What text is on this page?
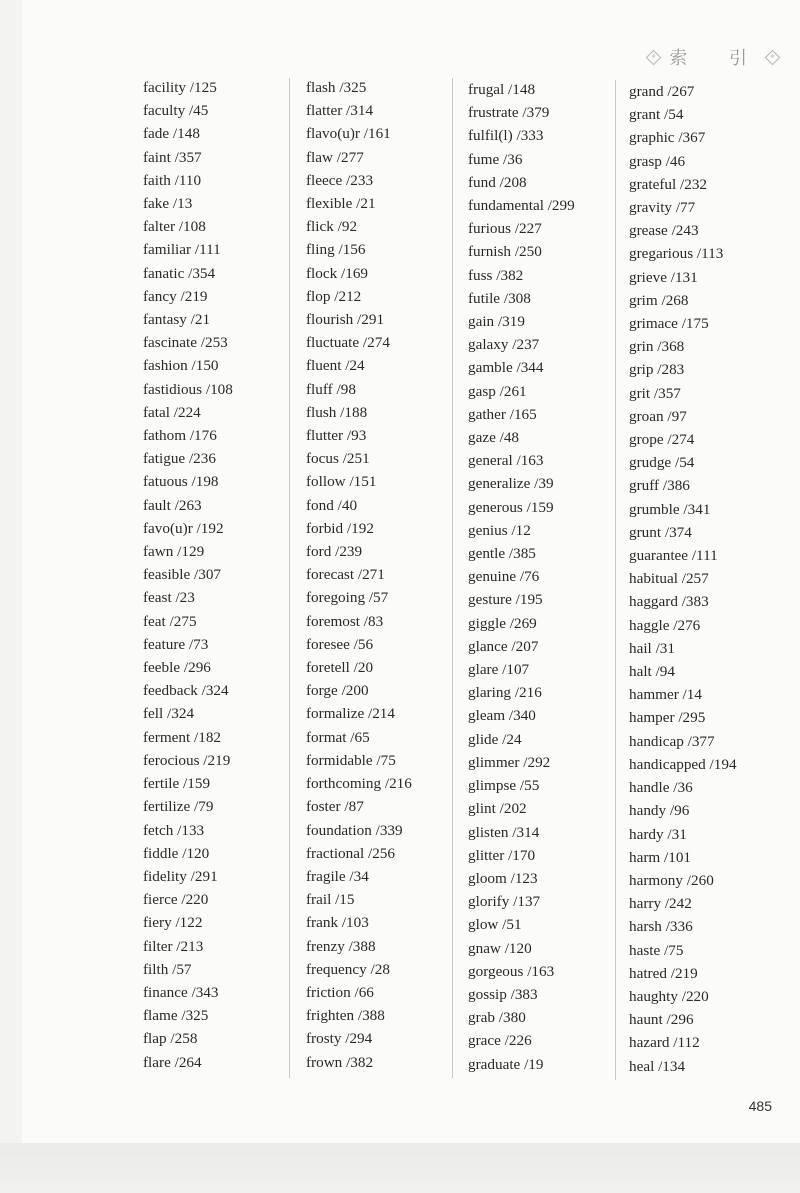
索 引
facility /125
faculty /45
fade /148
faint /357
faith /110
fake /13
falter /108
familiar /111
fanatic /354
fancy /219
fantasy /21
fascinate /253
fashion /150
fastidious /108
fatal /224
fathom /176
fatigue /236
fatuous /198
fault /263
favo(u)r /192
fawn /129
feasible /307
feast /23
feat /275
feature /73
feeble /296
feedback /324
fell /324
ferment /182
ferocious /219
fertile /159
fertilize /79
fetch /133
fiddle /120
fidelity /291
fierce /220
fiery /122
filter /213
filth /57
finance /343
flame /325
flap /258
flare /264
flash /325
flatter /314
flavo(u)r /161
flaw /277
fleece /233
flexible /21
flick /92
fling /156
flock /169
flop /212
flourish /291
fluctuate /274
fluent /24
fluff /98
flush /188
flutter /93
focus /251
follow /151
fond /40
forbid /192
ford /239
forecast /271
foregoing /57
foremost /83
foresee /56
foretell /20
forge /200
formalize /214
format /65
formidable /75
forthcoming /216
foster /87
foundation /339
fractional /256
fragile /34
frail /15
frank /103
frenzy /388
frequency /28
friction /66
frighten /388
frosty /294
frown /382
frugal /148
frustrate /379
fulfil(l) /333
fume /36
fund /208
fundamental /299
furious /227
furnish /250
fuss /382
futile /308
gain /319
galaxy /237
gamble /344
gasp /261
gather /165
gaze /48
general /163
generalize /39
generous /159
genius /12
gentle /385
genuine /76
gesture /195
giggle /269
glance /207
glare /107
glaring /216
gleam /340
glide /24
glimmer /292
glimpse /55
glint /202
glisten /314
glitter /170
gloom /123
glorify /137
glow /51
gnaw /120
gorgeous /163
gossip /383
grab /380
grace /226
graduate /19
grand /267
grant /54
graphic /367
grasp /46
grateful /232
gravity /77
grease /243
gregarious /113
grieve /131
grim /268
grimace /175
grin /368
grip /283
grit /357
groan /97
grope /274
grudge /54
gruff /386
grumble /341
grunt /374
guarantee /111
habitual /257
haggard /383
haggle /276
hail /31
halt /94
hammer /14
hamper /295
handicap /377
handicapped /194
handle /36
handy /96
hardy /31
harm /101
harmony /260
harry /242
harsh /336
haste /75
hatred /219
haughty /220
haunt /296
hazard /112
heal /134
485
